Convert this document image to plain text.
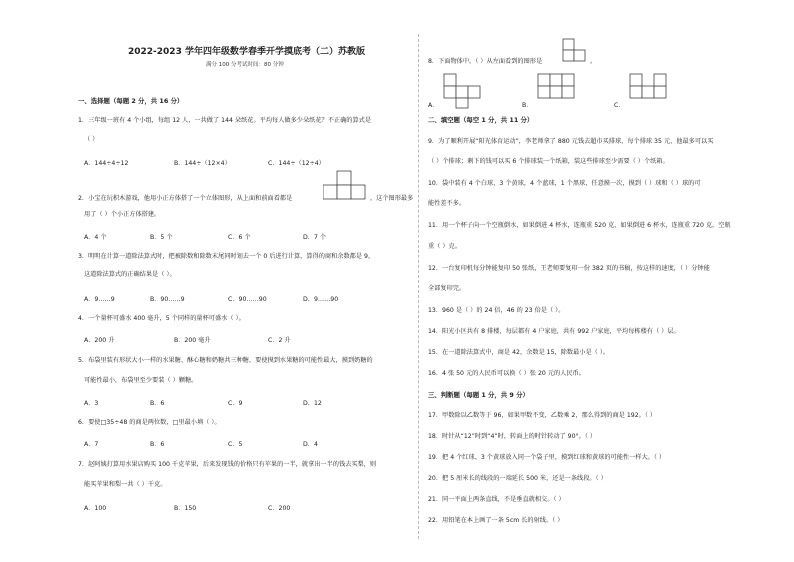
2022-2023 学年四年级数学春季开学摸底考（二）苏教版
满分 100 分考试时间：80 分钟
一、选择题（每题 2 分，共 16 分）
1．三年级一班有 4 个小组，每组 12 人，一共做了 144 朵纸花。平均每人做多少朵纸花？不正确的算式是
（ ）
A．144÷4÷12	B．144÷（12×4）	C．144÷（12÷4）
2．小宝在玩积木游戏，他用小正方体搭了一个立体图形，从上面和前面看都是	，这个图形最多
用了（ ）个小正方体搭建。
A．4 个	B．5 个	C．6 个	D．7 个
3．明明在计算一道除法算式时，把被除数和除数末尾同时划去一个 0 后进行计算，算得的商和余数都是 9，
这道除法算式的正确结果是（ ）。
A．9……9	B．90……9	C．90……90	D．9……90
4．一个量杯可盛水 400 毫升，5 个同样的量杯可盛水（ ）。
A．200 升	B．200 毫升	C．2 升
5．布袋里装有形状大小一样的水果糖、酥心糖和奶糖共三种糖，要使摸到水果糖的可能性最大，摸到奶糖的
可能性最小，布袋里至少要装（ ）颗糖。
A．3	B．6	C．9	D．12
6．要使□35÷48 的商是两位数，□里最小填（ ）。
A．7	B．6	C．5	D．4
7．赵阿姨打算用水果店购买 100 千克苹果，后来发现钱的价格只有苹果的一半，就拿出一半的钱去买梨，则
能买苹果和梨一共（ ）千克。
A．100	B．150	C．200
8．下面物体中，（ ）从左面看到的图形是	。
A．	B．	C．
二、填空题（每空 1 分，共 11 分）
9．为了顺利开展“阳光体育运动”，李老师拿了 880 元钱去超市买排球，每个排球 35 元，他最多可以买
（ ）个排球；剩下的钱可以买 6 个排球装一个纸箱，装这些排球至少需要（ ）个纸箱。
10．袋中装有 4 个白球，3 个黄球，4 个蓝球，1 个黑球，任意摸一次，摸到（ ）球和（ ）球的可
能性差不多。
11．用一个杯子向一个空瓶倒水，如果倒进 4 杯水，连瓶重 520 克，如果倒进 6 杯水，连瓶重 720 克，空瓶
重（ ）克。
12．一台复印机每分钟能复印 50 张纸，王老师要复印一份 382 页的书稿，按这样的速度，（ ）分钟能
全部复印完。
13．960 是（ ）的 24 倍，46 的 23 倍是（ ）。
14．阳光小区共有 8 排楼，每层都有 4 户家庭，共有 992 户家庭，平均每栋楼有（ ）层。
15．在一道除法算式中，商是 42，余数是 15，除数最小是（ ）。
16．4 张 50 元的人民币可以换（ ）张 20 元的人民币。
三、判断题（每题 1 分，共 9 分）
17．甲数除以乙数等于 96，如果甲数不变，乙数乘 2，那么得到的商是 192。（ ）
18．时针从“12”时到“4”时，转面上的时针转动了 90°。（ ）
19．把 4 个红球、3 个黄球放入同一个袋子里，摸到红球和黄球的可能性一样大。（ ）
20．把 5 厘米长的线段的一端延长 500 米，还是一条线段。（ ）
21．同一平面上两条直线，不是垂直就相交。（ ）
22．用铅笔在本上画了一条 5cm 长的射线。（ ）
